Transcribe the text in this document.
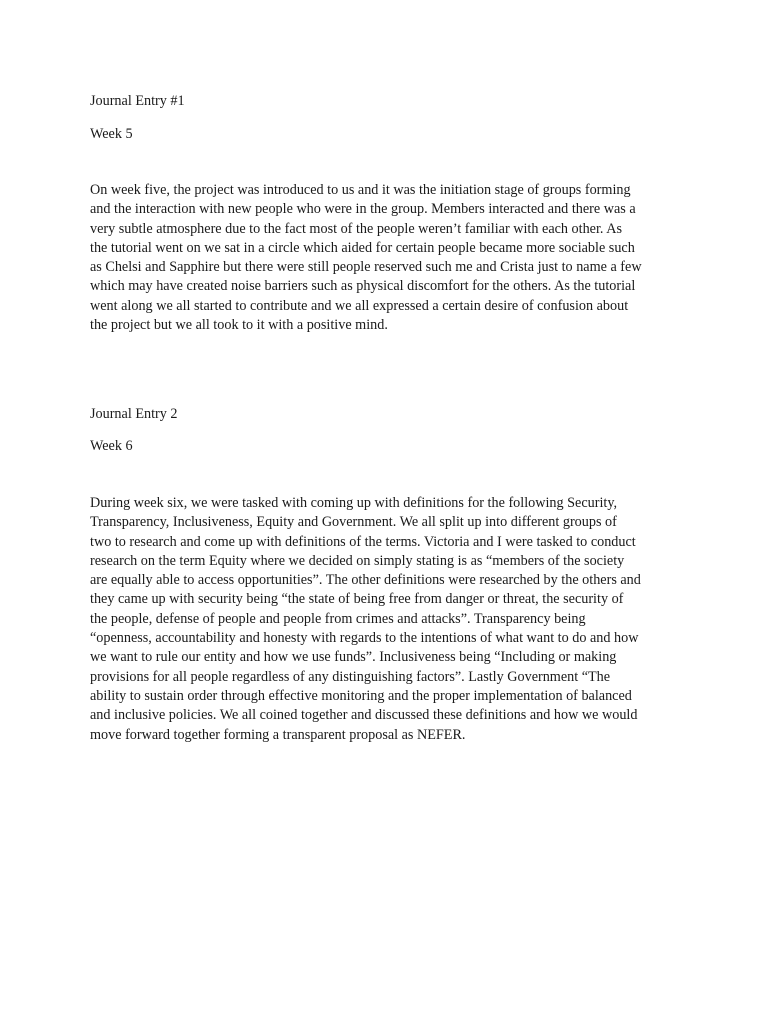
Journal Entry #1

Week 5

On week five, the project was introduced to us and it was the initiation stage of groups forming
and the interaction with new people who were in the group. Members interacted and there was a
very subtle atmosphere due to the fact most of the people weren’t familiar with each other. As
the tutorial went on we sat in a circle which aided for certain people became more sociable such
as Chelsi and Sapphire but there were still people reserved such me and Crista just to name a few
which may have created noise barriers such as physical discomfort for the others. As the tutorial
went along we all started to contribute and we all expressed a certain desire of confusion about
the project but we all took to it with a positive mind.

Journal Entry 2

Week 6

During week six, we were tasked with coming up with definitions for the following Security,
Transparency, Inclusiveness, Equity and Government. We all split up into different groups of
two to research and come up with definitions of the terms. Victoria and I were tasked to conduct
research on the term Equity where we decided on simply stating is as “members of the society
are equally able to access opportunities”. The other definitions were researched by the others and
they came up with security being “the state of being free from danger or threat, the security of
the people, defense of people and people from crimes and attacks”. Transparency being
“openness, accountability and honesty with regards to the intentions of what want to do and how
we want to rule our entity and how we use funds”. Inclusiveness being “Including or making
provisions for all people regardless of any distinguishing factors”. Lastly Government “The
ability to sustain order through effective monitoring and the proper implementation of balanced
and inclusive policies. We all coined together and discussed these definitions and how we would
move forward together forming a transparent proposal as NEFER.
